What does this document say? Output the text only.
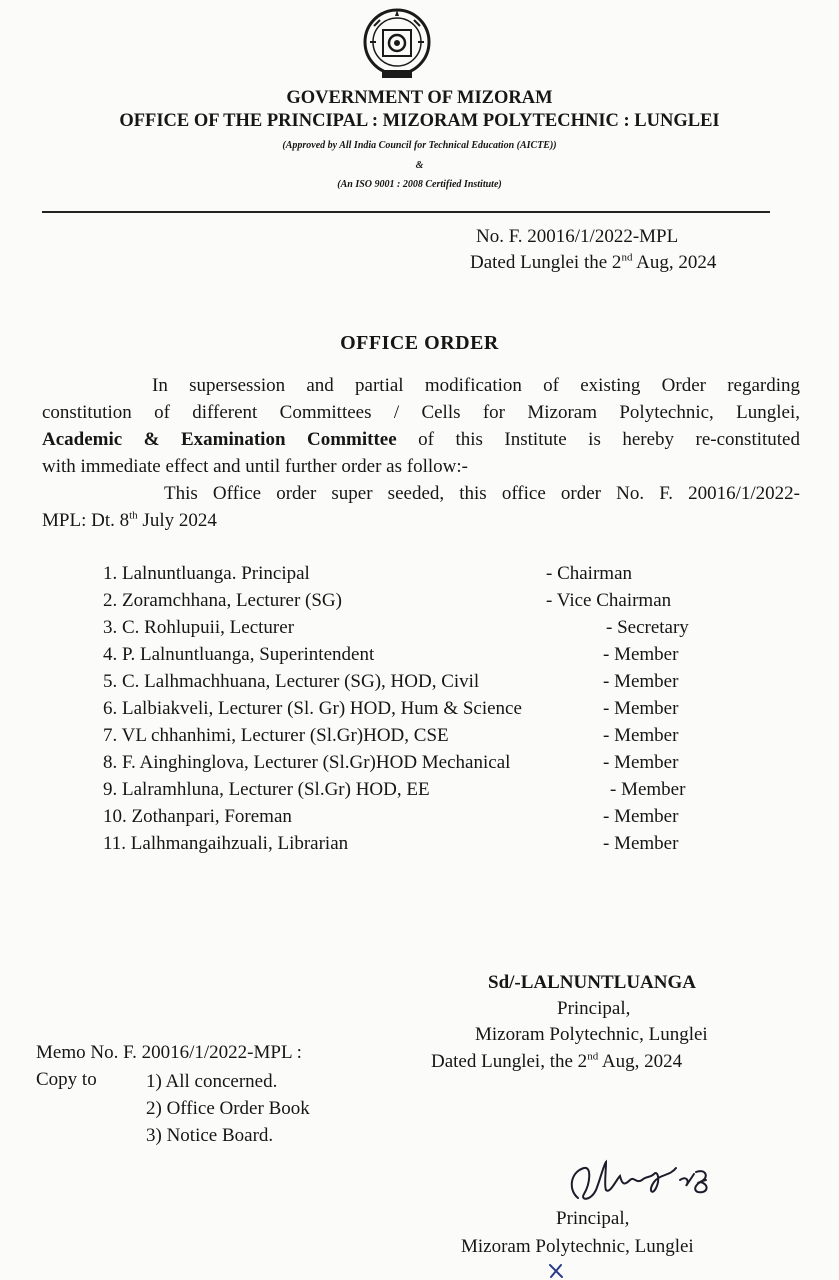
GOVERNMENT OF MIZORAM
OFFICE OF THE PRINCIPAL : MIZORAM POLYTECHNIC : LUNGLEI
(Approved by All India Council for Technical Education (AICTE))
&
(An ISO 9001 : 2008 Certified Institute)
No. F. 20016/1/2022-MPL
Dated Lunglei the 2nd Aug, 2024
OFFICE ORDER
In supersession and partial modification of existing Order regarding
constitution of different Committees / Cells for Mizoram Polytechnic, Lunglei,
Academic & Examination Committee of this Institute is hereby re-constituted
with immediate effect and until further order as follow:-
This Office order super seeded, this office order No. F. 20016/1/2022-
MPL: Dt. 8th July 2024
1. Lalnuntluanga. Principal	- Chairman
2. Zoramchhana, Lecturer (SG)	- Vice Chairman
3. C. Rohlupuii, Lecturer	- Secretary
4. P. Lalnuntluanga, Superintendent	- Member
5. C. Lalhmachhuana, Lecturer (SG), HOD, Civil	- Member
6. Lalbiakveli, Lecturer (Sl. Gr) HOD, Hum & Science	- Member
7. VL chhanhimi, Lecturer (Sl.Gr)HOD, CSE	- Member
8. F. Ainghinglova, Lecturer (Sl.Gr)HOD Mechanical	- Member
9. Lalramhluna, Lecturer (Sl.Gr) HOD, EE	- Member
10. Zothanpari, Foreman	- Member
11. Lalhmangaihzuali, Librarian	- Member
Sd/-LALNUNTLUANGA
Principal,
Mizoram Polytechnic, Lunglei
Dated Lunglei, the 2nd Aug, 2024
Memo No. F. 20016/1/2022-MPL :
Copy to	1) All concerned.
2) Office Order Book
3) Notice Board.
Principal,
Mizoram Polytechnic, Lunglei
